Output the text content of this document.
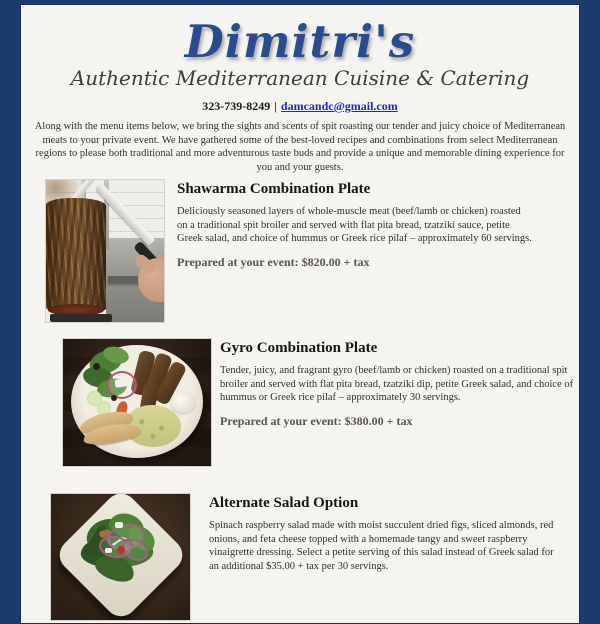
Dimitri's
Authentic Mediterranean Cuisine & Catering
323-739-8249 | damcandc@gmail.com

Along with the menu items below, we bring the sights and scents of spit roasting our tender and juicy choice of Mediterranean meats to your private event. We have gathered some of the best-loved recipes and combinations from select Mediterranean regions to please both traditional and more adventurous taste buds and provide a unique and memorable dining experience for you and your guests.

Shawarma Combination Plate

Deliciously seasoned layers of whole-muscle meat (beef/lamb or chicken) roasted on a traditional spit broiler and served with flat pita bread, tzatziki sauce, petite Greek salad, and choice of hummus or Greek rice pilaf – approximately 60 servings.

Prepared at your event: $820.00 + tax

Gyro Combination Plate

Tender, juicy, and fragrant gyro (beef/lamb or chicken) roasted on a traditional spit broiler and served with flat pita bread, tzatziki dip, petite Greek salad, and choice of hummus or Greek rice pilaf – approximately 30 servings.

Prepared at your event: $380.00 + tax

Alternate Salad Option

Spinach raspberry salad made with moist succulent dried figs, sliced almonds, red onions, and feta cheese topped with a homemade tangy and sweet raspberry vinaigrette dressing. Select a petite serving of this salad instead of Greek salad for an additional $35.00 + tax per 30 servings.
